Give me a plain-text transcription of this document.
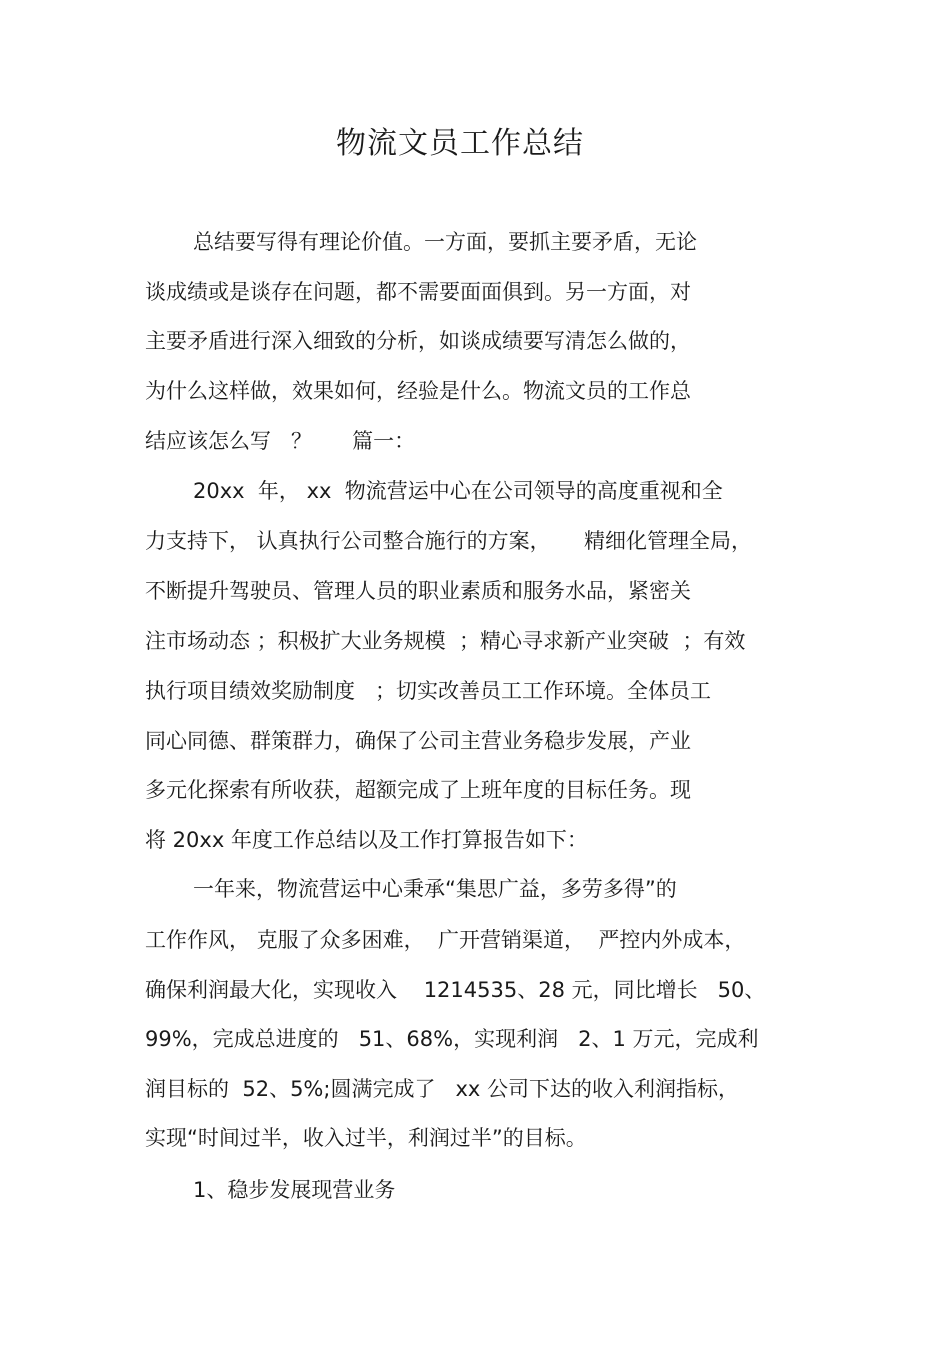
物流文员工作总结
总结要写得有理论价值。一方面，要抓主要矛盾，无论
谈成绩或是谈存在问题，都不需要面面俱到。另一方面，对
主要矛盾进行深入细致的分析，如谈成绩要写清怎么做的，
为什么这样做，效果如何，经验是什么。物流文员的工作总
结应该怎么写   ？      篇一：
20xx  年， xx  物流营运中心在公司领导的高度重视和全
力支持下， 认真执行公司整合施行的方案，     精细化管理全局，
不断提升驾驶员、管理人员的职业素质和服务水品，紧密关
注市场动态 ；积极扩大业务规模  ；精心寻求新产业突破  ；有效
执行项目绩效奖励制度   ；切实改善员工工作环境。全体员工
同心同德、群策群力，确保了公司主营业务稳步发展，产业
多元化探索有所收获，超额完成了上班年度的目标任务。现
将 20xx 年度工作总结以及工作打算报告如下：
一年来，物流营运中心秉承“集思广益，多劳多得”的
工作作风， 克服了众多困难，  广开营销渠道，  严控内外成本，
确保利润最大化，实现收入    1214535、28 元，同比增长   50、
99%，完成总进度的   51、68%，实现利润   2、1 万元，完成利
润目标的  52、5%;圆满完成了   xx 公司下达的收入利润指标，
实现“时间过半，收入过半，利润过半”的目标。
1、稳步发展现营业务
